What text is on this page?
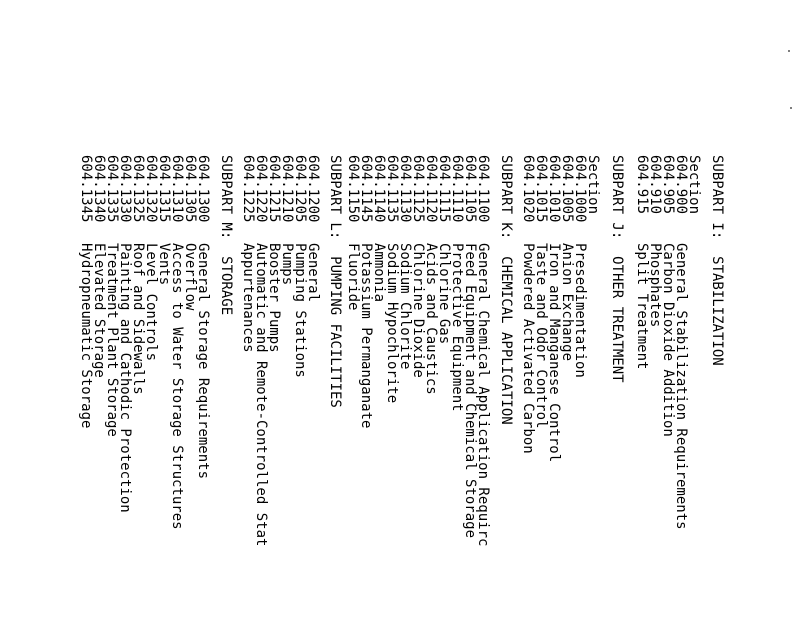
SUBPART I:  STABILIZATION
Section
604.900
General Stabilization Requirements
604.905
Carbon Dioxide Addition
604.910
Phosphates
604.915
Split Treatment
SUBPART J:  OTHER TREATMENT
Section
604.1000
Presedimentation
604.1005
Anion Exchange
604.1010
Iron and Manganese Control
604.1015
Taste and Odor Control
604.1020
Powdered Activated Carbon
SUBPART K:  CHEMICAL APPLICATION
604.1100
General Chemical Application Requirc
604.1105
Feed Equipment and Chemical Storage
604.1110
Protective Equipment
604.1115
Chlorine Gas
604.1120
Acids and Caustics
604.1125
Chlorine Dioxide
604.1130
Sodium Chlorite
604.1135
Sodium Hypochlorite
604.1140
Ammonia
604.1145
Potassium Permanganate
604.1150
Fluoride
SUBPART L:  PUMPING FACILITIES
604.1200
General
604.1205
Pumping Stations
604.1210
Pumps
604.1215
Booster Pumps
604.1220
Automatic and Remote-Controlled Stat
604.1225
Appurtenances
SUBPART M:  STORAGE
604.1300
General Storage Requirements
604.1305
Overflow
604.1310
Access to Water Storage Structures
604.1315
Vents
604.1320
Level Controls
604.1325
Roof and Sidewalls
604.1330
Painting and Cathodic Protection
604.1335
Treatment Plant Storage
604.1340
Elevated Storage
604.1345
Hydropneumatic Storage
